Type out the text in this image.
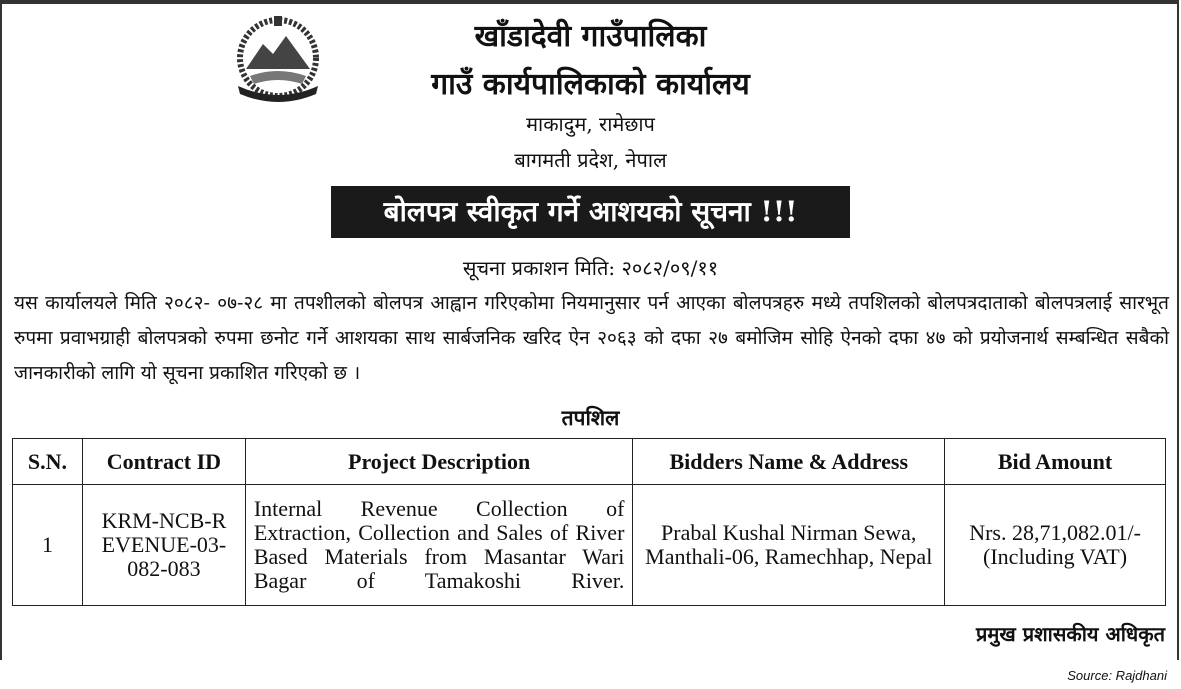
खाँडादेवी गाउँपालिका
गाउँ कार्यपालिकाको कार्यालय
माकादुम, रामेछाप
बागमती प्रदेश, नेपाल
बोलपत्र स्वीकृत गर्ने आशयको सूचना !!!
सूचना प्रकाशन मिति: २०८२/०९/११
यस कार्यालयले मिति २०८२- ०७-२८ मा तपशीलको बोलपत्र आह्वान गरिएकोमा नियमानुसार पर्न आएका बोलपत्रहरु मध्ये तपशिलको बोलपत्रदाताको बोलपत्रलाई सारभूत रुपमा प्रवाभग्राही बोलपत्रको रुपमा छनोट गर्ने आशयका साथ सार्बजनिक खरिद ऐन २०६३ को दफा २७ बमोजिम सोहि ऐनको दफा ४७ को प्रयोजनार्थ सम्बन्धित सबैको जानकारीको लागि यो सूचना प्रकाशित गरिएको छ ।
तपशिल
S.N.	Contract ID	Project Description	Bidders Name & Address	Bid Amount
1	KRM-NCB-REVENUE-03-082-083	Internal Revenue Collection of Extraction, Collection and Sales of River Based Materials from Masantar Wari Bagar of Tamakoshi River.	Prabal Kushal Nirman Sewa, Manthali-06, Ramechhap, Nepal	Nrs. 28,71,082.01/- (Including VAT)
प्रमुख प्रशासकीय अधिकृत
Source: Rajdhani
